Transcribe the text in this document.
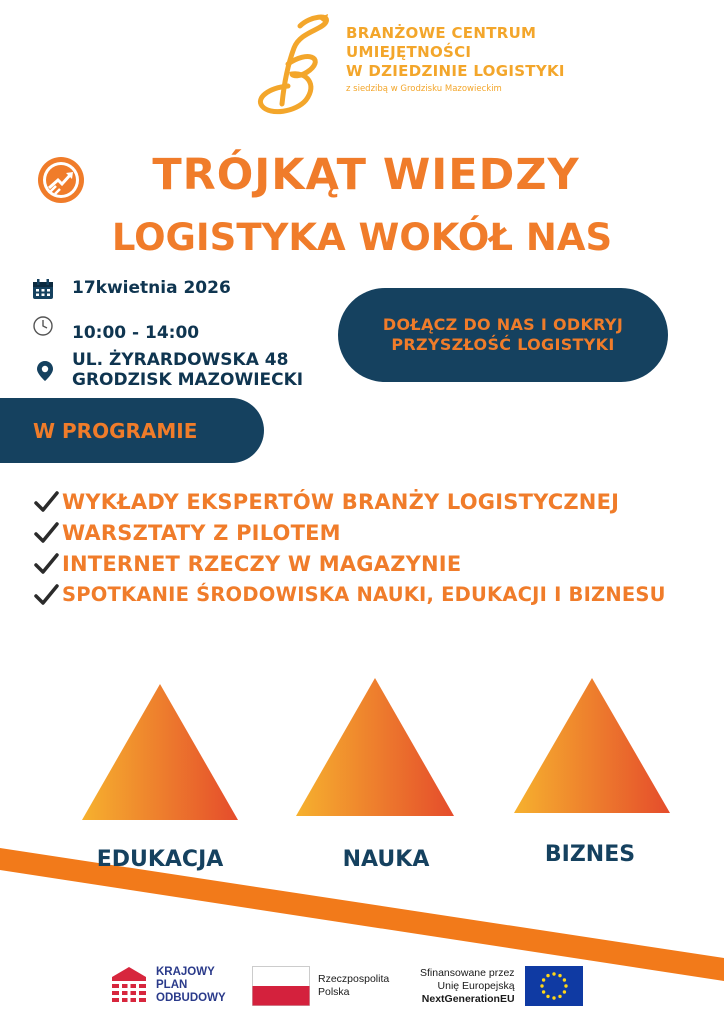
BRANŻOWE CENTRUM
UMIEJĘTNOŚCI
W DZIEDZINIE LOGISTYKI
z siedzibą w Grodzisku Mazowieckim
TRÓJKĄT WIEDZY
LOGISTYKA WOKÓŁ NAS
17kwietnia 2026
10:00 - 14:00
UL. ŻYRARDOWSKA 48
GRODZISK MAZOWIECKI
DOŁĄCZ DO NAS I ODKRYJ
PRZYSZŁOŚĆ LOGISTYKI
W PROGRAMIE
WYKŁADY EKSPERTÓW BRANŻY LOGISTYCZNEJ
WARSZTATY Z PILOTEM
INTERNET RZECZY W MAGAZYNIE
SPOTKANIE ŚRODOWISKA NAUKI, EDUKACJI I BIZNESU
EDUKACJA	NAUKA	BIZNES
KRAJOWY
PLAN
ODBUDOWY
Rzeczpospolita
Polska
Sfinansowane przez
Unię Europejską
NextGenerationEU
